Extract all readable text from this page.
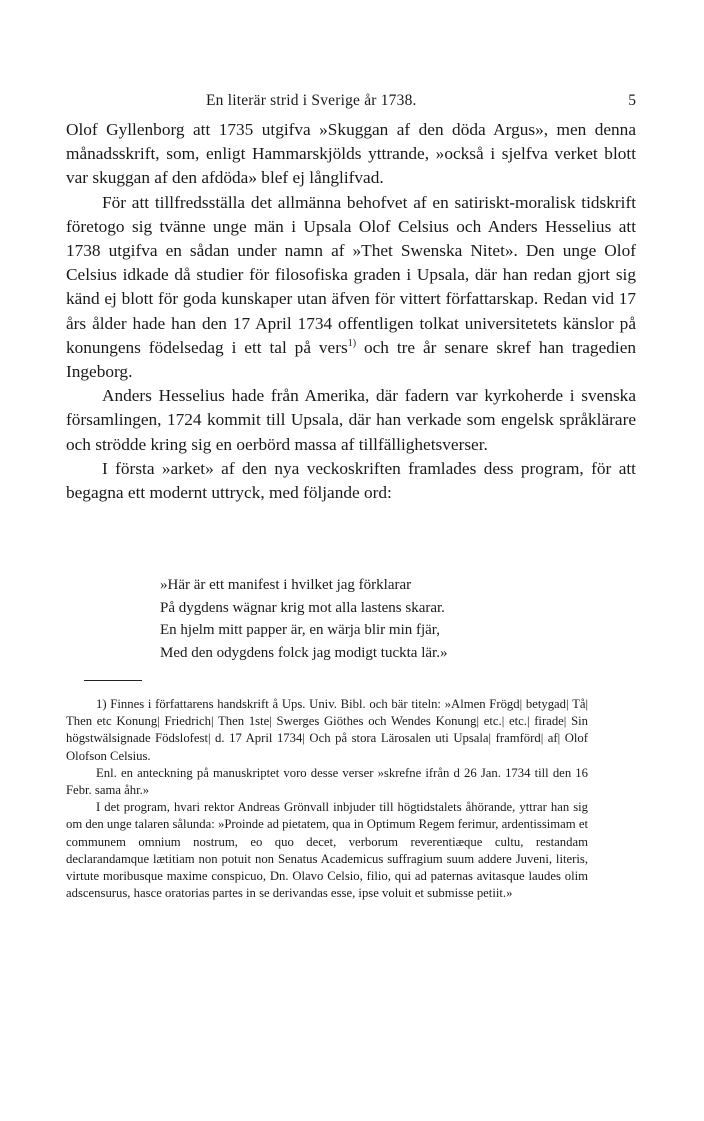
En literär strid i Sverige år 1738.	5

Olof Gyllenborg att 1735 utgifva »Skuggan af den döda Argus», men denna månadsskrift, som, enligt Hammarskjölds yttrande, »också i sjelfva verket blott var skuggan af den afdöda» blef ej långlifvad.

För att tillfredsställa det allmänna behofvet af en satiriskt-moralisk tidskrift företogo sig tvänne unge män i Upsala Olof Celsius och Anders Hesselius att 1738 utgifva en sådan under namn af »Thet Swenska Nitet». Den unge Olof Celsius idkade då studier för filosofiska graden i Upsala, där han redan gjort sig känd ej blott för goda kunskaper utan äfven för vittert författarskap. Redan vid 17 års ålder hade han den 17 April 1734 offentligen tolkat universitetets känslor på konungens födelsedag i ett tal på vers$^{1)}$ och tre år senare skref han tragedien Ingeborg.

Anders Hesselius hade från Amerika, där fadern var kyrkoherde i svenska församlingen, 1724 kommit till Upsala, där han verkade som engelsk språklärare och strödde kring sig en oerbörd massa af tillfällighetsverser.

I första »arket» af den nya veckoskriften framlades dess program, för att begagna ett modernt uttryck, med följande ord:

»Här är ett manifest i hvilket jag förklarar
På dygdens wägnar krig mot alla lastens skarar.
En hjelm mitt papper är, en wärja blir min fjär,
Med den odygdens folck jag modigt tuckta lär.»

1) Finnes i författarens handskrift å Ups. Univ. Bibl. och bär titeln: »Almen Frögd| betygad| Tå| Then etc Konung| Friedrich| Then 1ste| Swerges Giöthes och Wendes Konung| etc.| etc.| firade| Sin högstwälsignade Födslofest| d. 17 April 1734| Och på stora Lärosalen uti Upsala| framförd| af| Olof Olofson Celsius.

Enl. en anteckning på manuskriptet voro desse verser »skrefne ifrån d 26 Jan. 1734 till den 16 Febr. sama åhr.»

I det program, hvari rektor Andreas Grönvall inbjuder till högtidstalets åhörande, yttrar han sig om den unge talaren sålunda: »Proinde ad pietatem, qua in Optimum Regem ferimur, ardentissimam et communem omnium nostrum, eo quo decet, verborum reverentiæque cultu, restandam declarandamque lætitiam non potuit non Senatus Academicus suffragium suum addere Juveni, literis, virtute moribusque maxime conspicuo, Dn. Olavo Celsio, filio, qui ad paternas avitasque laudes olim adscensurus, hasce oratorias partes in se derivandas esse, ipse voluit et submisse petiit.»
